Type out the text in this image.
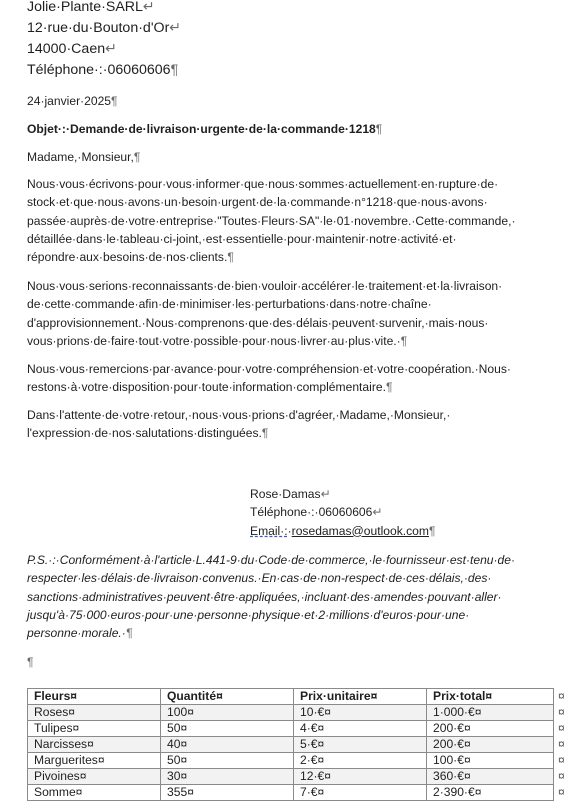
Jolie·Plante·SARL↵
12·rue·du·Bouton·d'Or↵
14000·Caen↵
Téléphone·:·06060606¶
24·janvier·2025¶
Objet·:·Demande·de·livraison·urgente·de·la·commande·1218¶
Madame,·Monsieur,¶
Nous·vous·écrivons·pour·vous·informer·que·nous·sommes·actuellement·en·rupture·de·
stock·et·que·nous·avons·un·besoin·urgent·de·la·commande·n°1218·que·nous·avons·
passée·auprès·de·votre·entreprise·"Toutes·Fleurs·SA"·le·01·novembre.·Cette·commande,·
détaillée·dans·le·tableau·ci-joint,·est·essentielle·pour·maintenir·notre·activité·et·
répondre·aux·besoins·de·nos·clients.¶
Nous·vous·serions·reconnaissants·de·bien·vouloir·accélérer·le·traitement·et·la·livraison·
de·cette·commande·afin·de·minimiser·les·perturbations·dans·notre·chaîne·
d'approvisionnement.·Nous·comprenons·que·des·délais·peuvent·survenir,·mais·nous·
vous·prions·de·faire·tout·votre·possible·pour·nous·livrer·au·plus·vite.·¶
Nous·vous·remercions·par·avance·pour·votre·compréhension·et·votre·coopération.·Nous·
restons·à·votre·disposition·pour·toute·information·complémentaire.¶
Dans·l'attente·de·votre·retour,·nous·vous·prions·d'agréer,·Madame,·Monsieur,·
l'expression·de·nos·salutations·distinguées.¶
Rose·Damas↵
Téléphone·:·06060606↵
Email·:·rosedamas@outlook.com¶
P.S.·:·Conformément·à·l'article·L.441-9·du·Code·de·commerce,·le·fournisseur·est·tenu·de·
respecter·les·délais·de·livraison·convenus.·En·cas·de·non-respect·de·ces·délais,·des·
sanctions·administratives·peuvent·être·appliquées,·incluant·des·amendes·pouvant·aller·
jusqu'à·75·000·euros·pour·une·personne·physique·et·2·millions·d'euros·pour·une·
personne·morale.·¶
¶
Fleurs¤	Quantité¤	Prix·unitaire¤	Prix·total¤
Roses¤	100¤	10·€¤	1·000·€¤
Tulipes¤	50¤	4·€¤	200·€¤
Narcisses¤	40¤	5·€¤	200·€¤
Marguerites¤	50¤	2·€¤	100·€¤
Pivoines¤	30¤	12·€¤	360·€¤
Somme¤	355¤	7·€¤	2·390·€¤
¤
¤
¤
¤
¤
¤
¤
